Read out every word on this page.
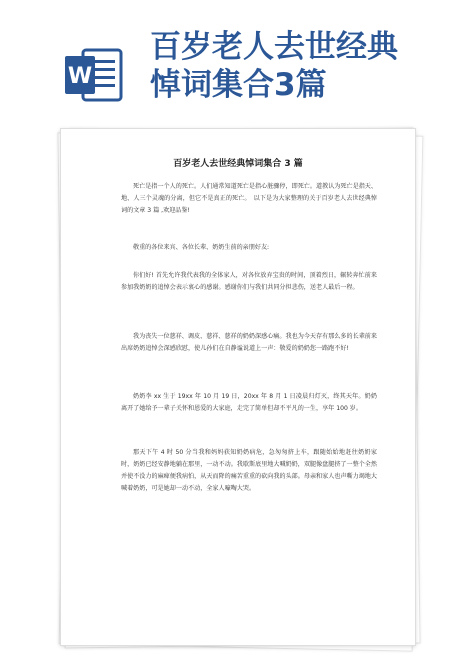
W
百岁老人去世经典
悼词集合3篇
百岁老人去世经典悼词集合 3 篇

死亡是指一个人的死亡。人们通常知道死亡是指心脏骤停，即死亡。道教认为死亡是指天、地、人三个灵魂的分离，但它不是真正的死亡。　以下是为大家整理的关于百岁老人去世经典悼词的文章 3 篇 ,欢迎品鉴!

敬重的各位来宾、各位长辈、奶奶生前的亲朋好友:

你们好! 首先允许我代表我的全体家人，对各位放弃宝贵的时间，顶着烈日，辗转奔忙前来参加我奶奶的追悼会表示衷心的感谢。感谢你们与我们共同分担悲伤，送老人最后一程。

我为丧失一位慈祥、调皮、慈祥、慈祥的奶奶深感心痛。我也为今天存有那么多的长辈前来出席奶奶追悼会深感欣慰，使儿孙们在自静谧说道上一声：敬爱的奶奶您一路跑不好!

奶奶李 xx 生于 19xx 年 10 月 19 日，20xx 年 8 月 1 日凌晨归灯灭，终其天年。奶奶离开了她给予一辈子关怀和恩爱的大家庭，走完了简单但却不平凡的一生，享年 100 岁。

那天下午 4 时 50 分当我和妈妈获知奶奶病危，急匆匆挤上车，跟随始始地赶往奶奶家时，奶奶已经安静地躺在那里，一动不动。我歇斯底里地大喊奶奶，双腿像盘腿挤了一整个全然并使不没力的麻痺便我病怕，从天而降的痛苦重重的砍向我的头部。母亲和家人也声嘶力竭地大喊着奶奶，可是她却一动不动，全家人嚎啕大哭。
